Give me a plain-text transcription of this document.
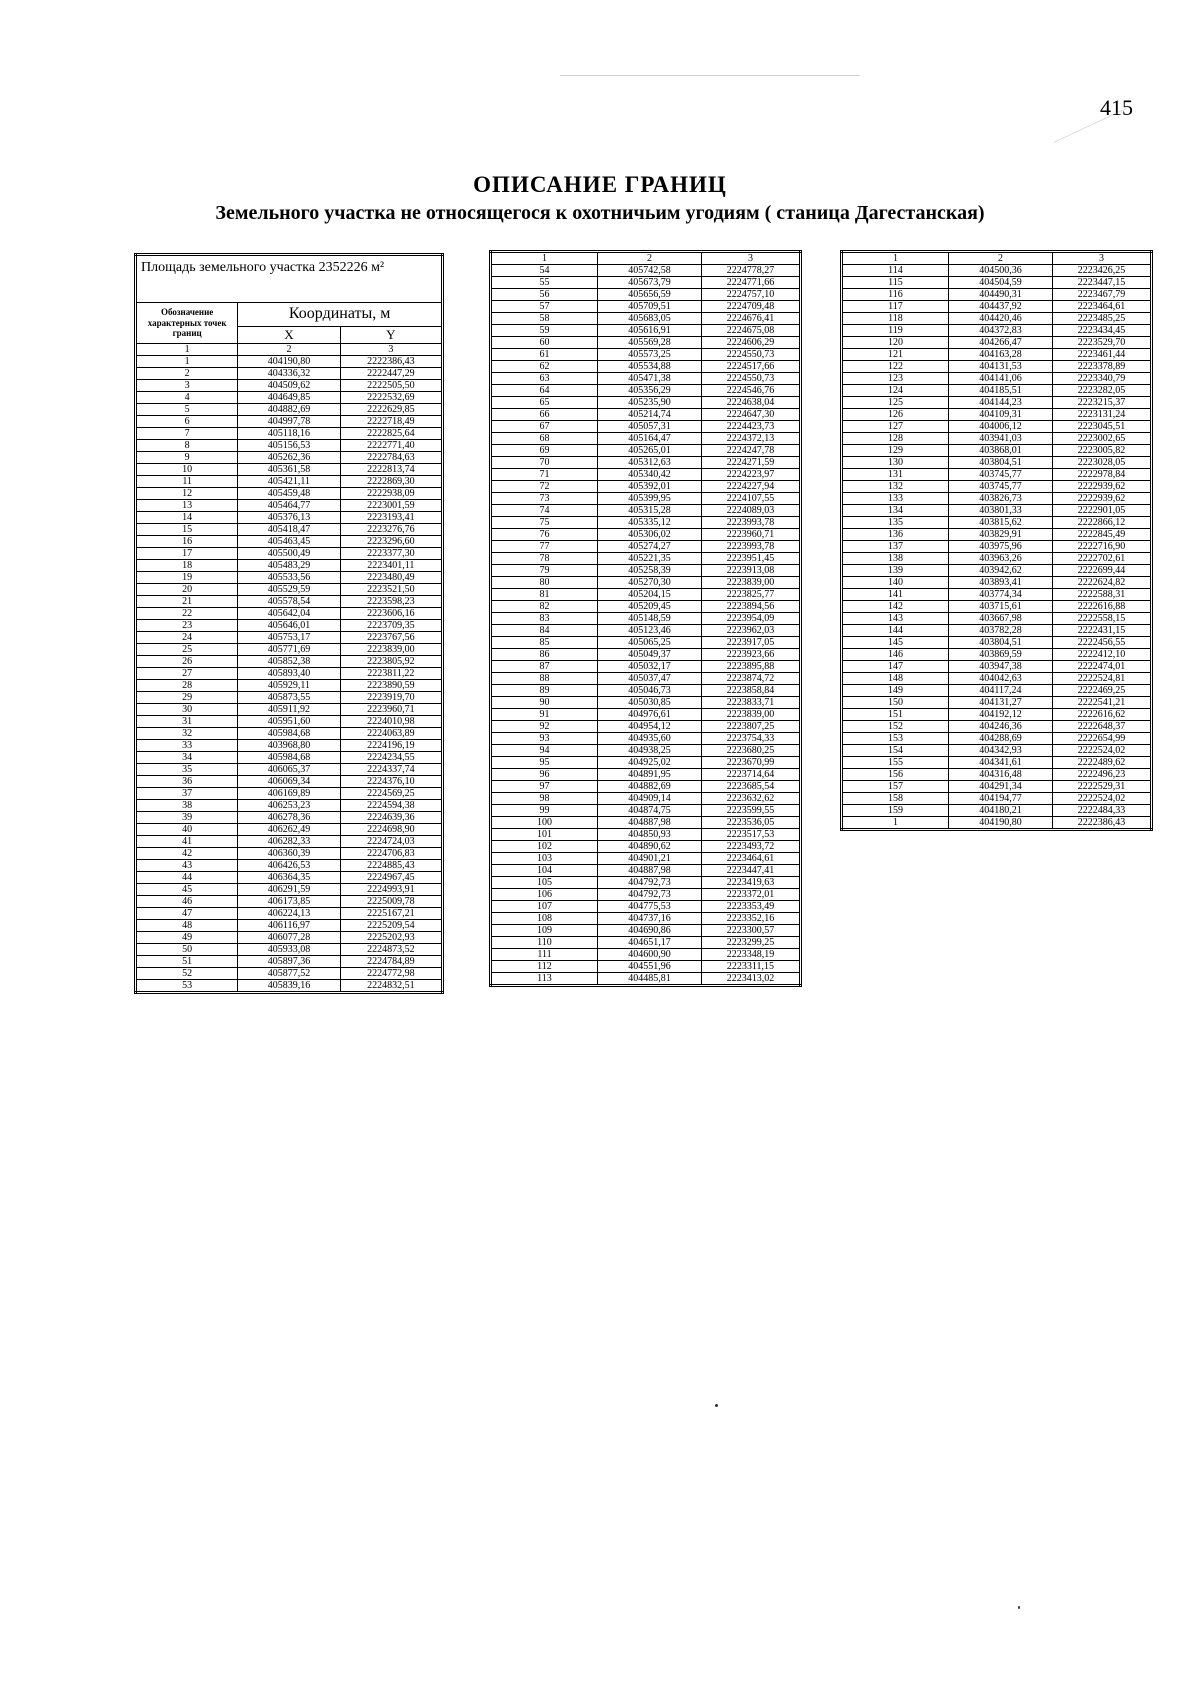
415
ОПИСАНИЕ ГРАНИЦ
Земельного участка не относящегося к охотничьим угодиям ( станица Дагестанская)
Площадь земельного участка 2352226 м²		
Обозначение характерных точек границ	Координаты, м	
	X	Y
1	2	3
1	404190,80	2222386,43
2	404336,32	2222447,29
3	404509,62	2222505,50
4	404649,85	2222532,69
5	404882,69	2222629,85
6	404997,78	2222718,49
7	405118,16	2222825,64
8	405156,53	2222771,40
9	405262,36	2222784,63
10	405361,58	2222813,74
11	405421,11	2222869,30
12	405459,48	2222938,09
13	405464,77	2223001,59
14	405376,13	2223193,41
15	405418,47	2223276,76
16	405463,45	2223296,60
17	405500,49	2223377,30
18	405483,29	2223401,11
19	405533,56	2223480,49
20	405529,59	2223521,50
21	405578,54	2223598,23
22	405642,04	2223606,16
23	405646,01	2223709,35
24	405753,17	2223767,56
25	405771,69	2223839,00
26	405852,38	2223805,92
27	405893,40	2223811,22
28	405929,11	2223890,59
29	405873,55	2223919,70
30	405911,92	2223960,71
31	405951,60	2224010,98
32	405984,68	2224063,89
33	403968,80	2224196,19
34	405984,68	2224234,55
35	406065,37	2224337,74
36	406069,34	2224376,10
37	406169,89	2224569,25
38	406253,23	2224594,38
39	406278,36	2224639,36
40	406262,49	2224698,90
41	406282,33	2224724,03
42	406360,39	2224706,83
43	406426,53	2224885,43
44	406364,35	2224967,45
45	406291,59	2224993,91
46	406173,85	2225009,78
47	406224,13	2225167,21
48	406116,97	2225209,54
49	406077,28	2225202,93
50	405933,08	2224873,52
51	405897,36	2224784,89
52	405877,52	2224772,98
53	405839,16	2224832,51
1	2	3
54	405742,58	2224778,27
55	405673,79	2224771,66
56	405656,59	2224757,10
57	405709,51	2224709,48
58	405683,05	2224676,41
59	405616,91	2224675,08
60	405569,28	2224606,29
61	405573,25	2224550,73
62	405534,88	2224517,66
63	405471,38	2224550,73
64	405356,29	2224546,76
65	405235,90	2224638,04
66	405214,74	2224647,30
67	405057,31	2224423,73
68	405164,47	2224372,13
69	405265,01	2224247,78
70	405312,63	2224271,59
71	405340,42	2224223,97
72	405392,01	2224227,94
73	405399,95	2224107,55
74	405315,28	2224089,03
75	405335,12	2223993,78
76	405306,02	2223960,71
77	405274,27	2223993,78
78	405221,35	2223951,45
79	405258,39	2223913,08
80	405270,30	2223839,00
81	405204,15	2223825,77
82	405209,45	2223894,56
83	405148,59	2223954,09
84	405123,46	2223962,03
85	405065,25	2223917,05
86	405049,37	2223923,66
87	405032,17	2223895,88
88	405037,47	2223874,72
89	405046,73	2223858,84
90	405030,85	2223833,71
91	404976,61	2223839,00
92	404954,12	2223807,25
93	404935,60	2223754,33
94	404938,25	2223680,25
95	404925,02	2223670,99
96	404891,95	2223714,64
97	404882,69	2223685,54
98	404909,14	2223632,62
99	404874,75	2223599,55
100	404887,98	2223536,05
101	404850,93	2223517,53
102	404890,62	2223493,72
103	404901,21	2223464,61
104	404887,98	2223447,41
105	404792,73	2223419,63
106	404792,73	2223372,01
107	404775,53	2223353,49
108	404737,16	2223352,16
109	404690,86	2223300,57
110	404651,17	2223299,25
111	404600,90	2223348,19
112	404551,96	2223311,15
113	404485,81	2223413,02
1	2	3
114	404500,36	2223426,25
115	404504,59	2223447,15
116	404490,31	2223467,79
117	404437,92	2223464,61
118	404420,46	2223485,25
119	404372,83	2223434,45
120	404266,47	2223529,70
121	404163,28	2223461,44
122	404131,53	2223378,89
123	404141,06	2223340,79
124	404185,51	2223282,05
125	404144,23	2223215,37
126	404109,31	2223131,24
127	404006,12	2223045,51
128	403941,03	2223002,65
129	403868,01	2223005,82
130	403804,51	2223028,05
131	403745,77	2222978,84
132	403745,77	2222939,62
133	403826,73	2222939,62
134	403801,33	2222901,05
135	403815,62	2222866,12
136	403829,91	2222845,49
137	403975,96	2222716,90
138	403963,26	2222702,61
139	403942,62	2222699,44
140	403893,41	2222624,82
141	403774,34	2222588,31
142	403715,61	2222616,88
143	403667,98	2222558,15
144	403782,28	2222431,15
145	403804,51	2222456,55
146	403869,59	2222412,10
147	403947,38	2222474,01
148	404042,63	2222524,81
149	404117,24	2222469,25
150	404131,27	2222541,21
151	404192,12	2222616,62
152	404246,36	2222648,37
153	404288,69	2222654,99
154	404342,93	2222524,02
155	404341,61	2222489,62
156	404316,48	2222496,23
157	404291,34	2222529,31
158	404194,77	2222524,02
159	404180,21	2222484,33
1	404190,80	2222386,43
